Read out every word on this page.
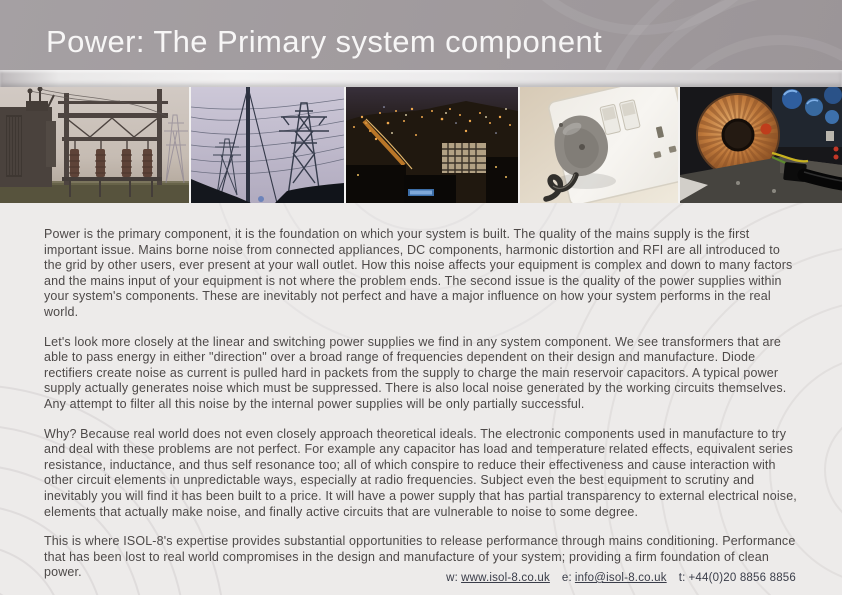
Power: The Primary system component

Power is the primary component, it is the foundation on which your system is built. The quality of the mains supply is the first important issue. Mains borne noise from connected appliances, DC components, harmonic distortion and RFI are all introduced to the grid by other users, ever present at your wall outlet. How this noise affects your equipment is complex and down to many factors and the mains input of your equipment is not where the problem ends. The second issue is the quality of the power supplies within your system's components. These are inevitably not perfect and have a major influence on how your system performs in the real world.

Let's look more closely at the linear and switching power supplies we find in any system component. We see transformers that are able to pass energy in either "direction" over a broad range of frequencies dependent on their design and manufacture. Diode rectifiers create noise as current is pulled hard in packets from the supply to charge the main reservoir capacitors. A typical power supply actually generates noise which must be suppressed. There is also local noise generated by the working circuits themselves. Any attempt to filter all this noise by the internal power supplies will be only partially successful.

Why? Because real world does not even closely approach theoretical ideals. The electronic components used in manufacture to try and deal with these problems are not perfect. For example any capacitor has load and temperature related effects, equivalent series resistance, inductance, and thus self resonance too; all of which conspire to reduce their effectiveness and cause interaction with other circuit elements in unpredictable ways, especially at radio frequencies. Subject even the best equipment to scrutiny and inevitably you will find it has been built to a price. It will have a power supply that has partial transparency to external electrical noise, elements that actually make noise, and finally active circuits that are vulnerable to noise to some degree.

This is where ISOL-8's expertise provides substantial opportunities to release performance through mains conditioning. Performance that has been lost to real world compromises in the design and manufacture of your system; providing a firm foundation of clean power.	w: www.isol-8.co.uk e: info@isol-8.co.uk t: +44(0)20 8856 8856
